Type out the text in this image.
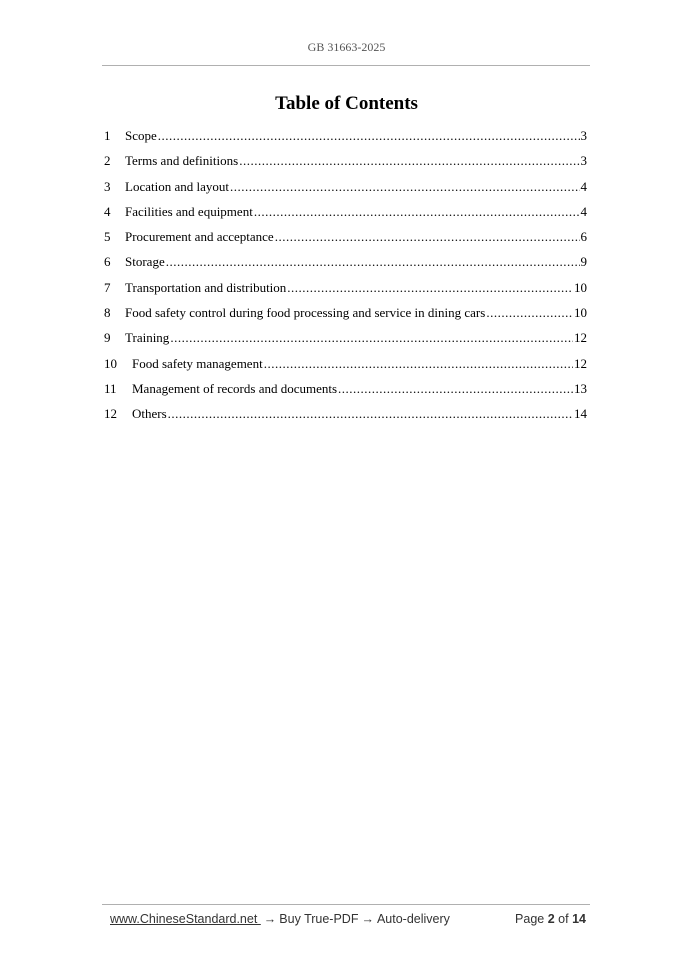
GB 31663-2025
Table of Contents
1	Scope .....	3
2	Terms and definitions .....	3
3	Location and layout .....	4
4	Facilities and equipment .....	4
5	Procurement and acceptance .....	6
6	Storage .....	9
7	Transportation and distribution .....	10
8	Food safety control during food processing and service in dining cars .....	10
9	Training .....	12
10	Food safety management .....	12
11	Management of records and documents .....	13
12	Others .....	14
www.ChineseStandard.net → Buy True-PDF → Auto-delivery	Page 2 of 14
